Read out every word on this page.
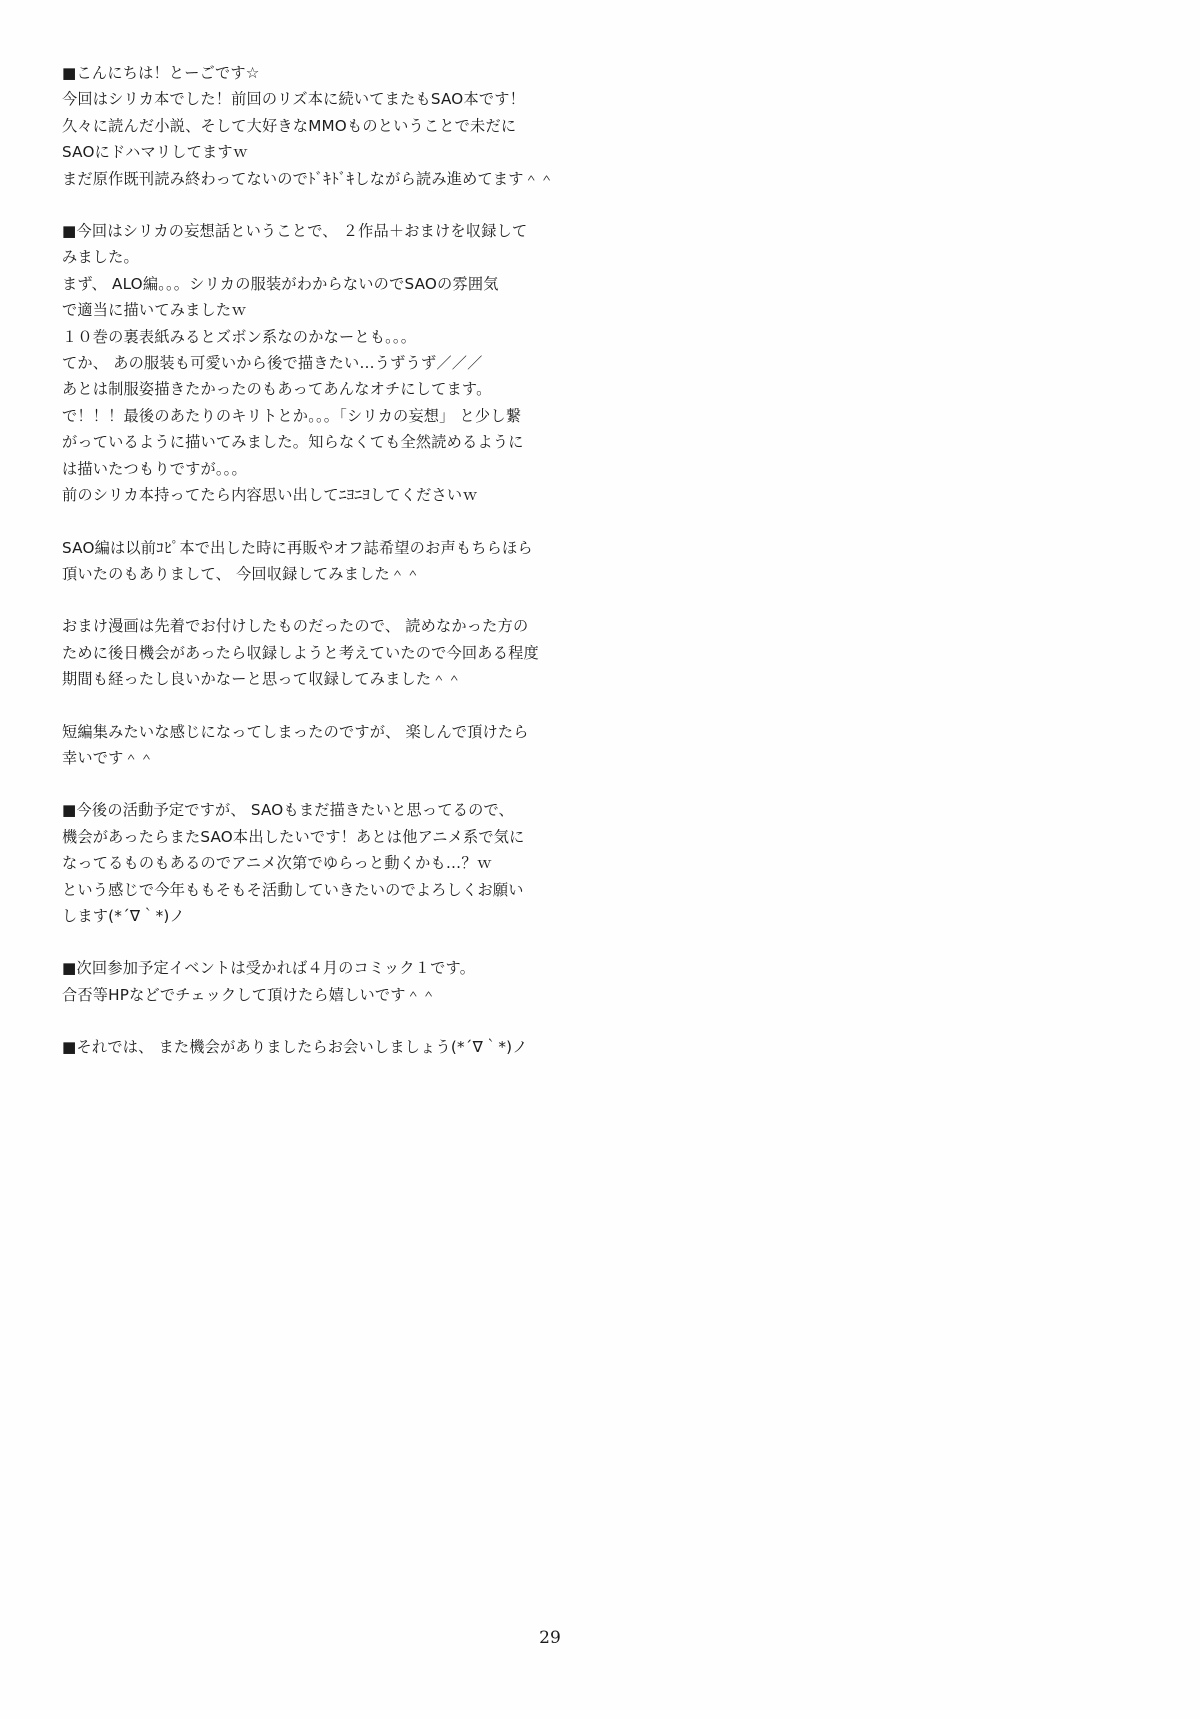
■こんにちは！とーごです☆
今回はシリカ本でした！前回のリズ本に続いてまたもSAO本です！
久々に読んだ小説、そして大好きなMMOものということで未だに
SAOにドハマリしてますｗ
まだ原作既刊読み終わってないのでﾄﾞｷﾄﾞｷしながら読み進めてます＾＾
■今回はシリカの妄想話ということで、 ２作品＋おまけを収録して
みました。
まず、 ALO編。。。シリカの服装がわからないのでSAOの雰囲気
で適当に描いてみましたｗ
１０巻の裏表紙みるとズボン系なのかなーとも。。。
てか、 あの服装も可愛いから後で描きたい…うずうず／／／
あとは制服姿描きたかったのもあってあんなオチにしてます。
で！！！最後のあたりのキリトとか。。。「シリカの妄想」 と少し繋
がっているように描いてみました。知らなくても全然読めるように
は描いたつもりですが。。。
前のシリカ本持ってたら内容思い出してﾆﾖﾆﾖしてくださいｗ
SAO編は以前ｺﾋﾟ本で出した時に再販やオフ誌希望のお声もちらほら
頂いたのもありまして、 今回収録してみました＾＾
おまけ漫画は先着でお付けしたものだったので、 読めなかった方の
ために後日機会があったら収録しようと考えていたので今回ある程度
期間も経ったし良いかなーと思って収録してみました＾＾
短編集みたいな感じになってしまったのですが、 楽しんで頂けたら
幸いです＾＾
■今後の活動予定ですが、 SAOもまだ描きたいと思ってるので、
機会があったらまたSAO本出したいです！あとは他アニメ系で気に
なってるものもあるのでアニメ次第でゆらっと動くかも…？ｗ
という感じで今年ももそもそ活動していきたいのでよろしくお願い
します(*´∇｀*)ノ
■次回参加予定イベントは受かれば４月のコミック１です。
合否等HPなどでチェックして頂けたら嬉しいです＾＾
■それでは、 また機会がありましたらお会いしましょう(*´∇｀*)ノ
29
